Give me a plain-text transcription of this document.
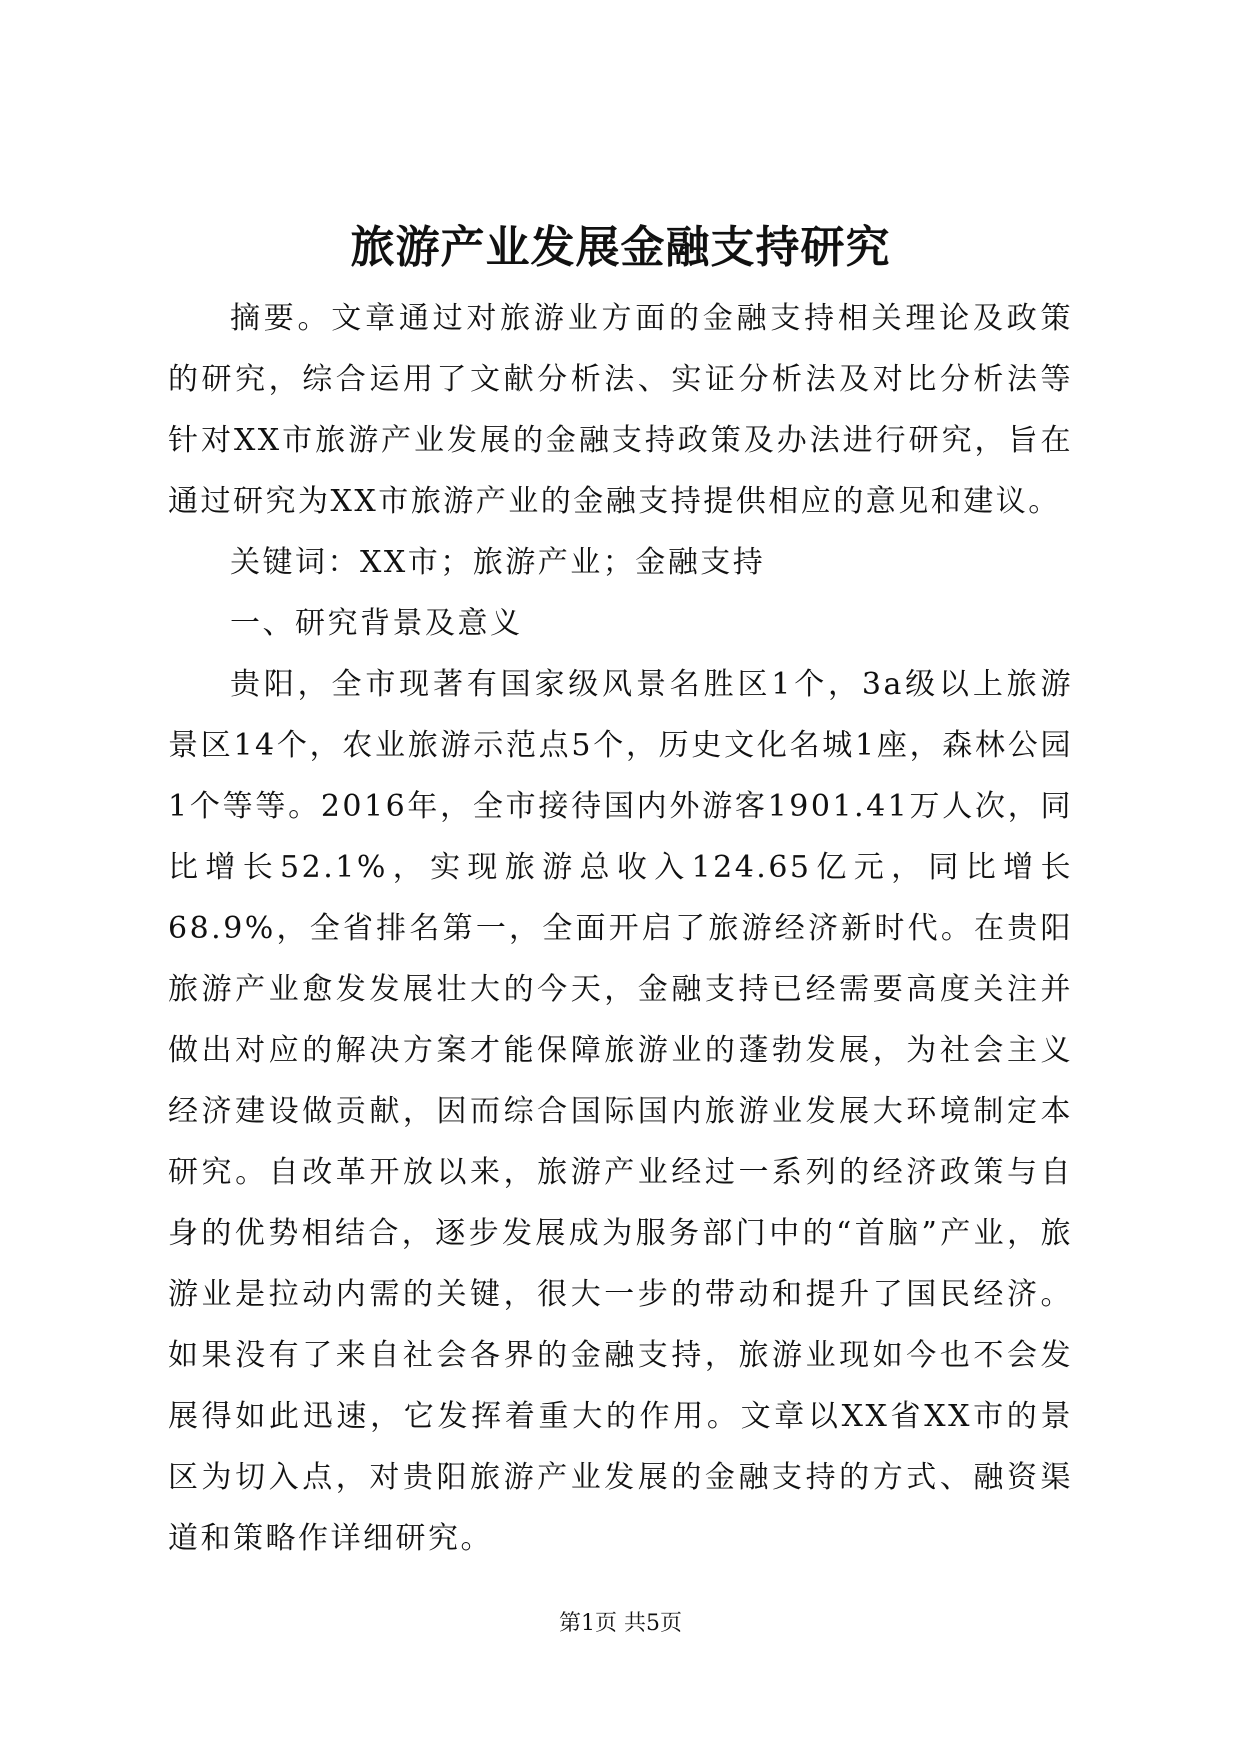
旅游产业发展金融支持研究

摘要。文章通过对旅游业方面的金融支持相关理论及政策的研究，综合运用了文献分析法、实证分析法及对比分析法等针对XX市旅游产业发展的金融支持政策及办法进行研究，旨在通过研究为XX市旅游产业的金融支持提供相应的意见和建议。

关键词：XX市；旅游产业；金融支持

一、研究背景及意义

贵阳，全市现著有国家级风景名胜区1个，3a级以上旅游景区14个，农业旅游示范点5个，历史文化名城1座，森林公园1个等等。2016年，全市接待国内外游客1901.41万人次，同比增长52.1%，实现旅游总收入124.65亿元，同比增长68.9%，全省排名第一，全面开启了旅游经济新时代。在贵阳旅游产业愈发发展壮大的今天，金融支持已经需要高度关注并做出对应的解决方案才能保障旅游业的蓬勃发展，为社会主义经济建设做贡献，因而综合国际国内旅游业发展大环境制定本研究。自改革开放以来，旅游产业经过一系列的经济政策与自身的优势相结合，逐步发展成为服务部门中的“首脑”产业，旅游业是拉动内需的关键，很大一步的带动和提升了国民经济。如果没有了来自社会各界的金融支持，旅游业现如今也不会发展得如此迅速，它发挥着重大的作用。文章以XX省XX市的景区为切入点，对贵阳旅游产业发展的金融支持的方式、融资渠道和策略作详细研究。

第1页 共5页
